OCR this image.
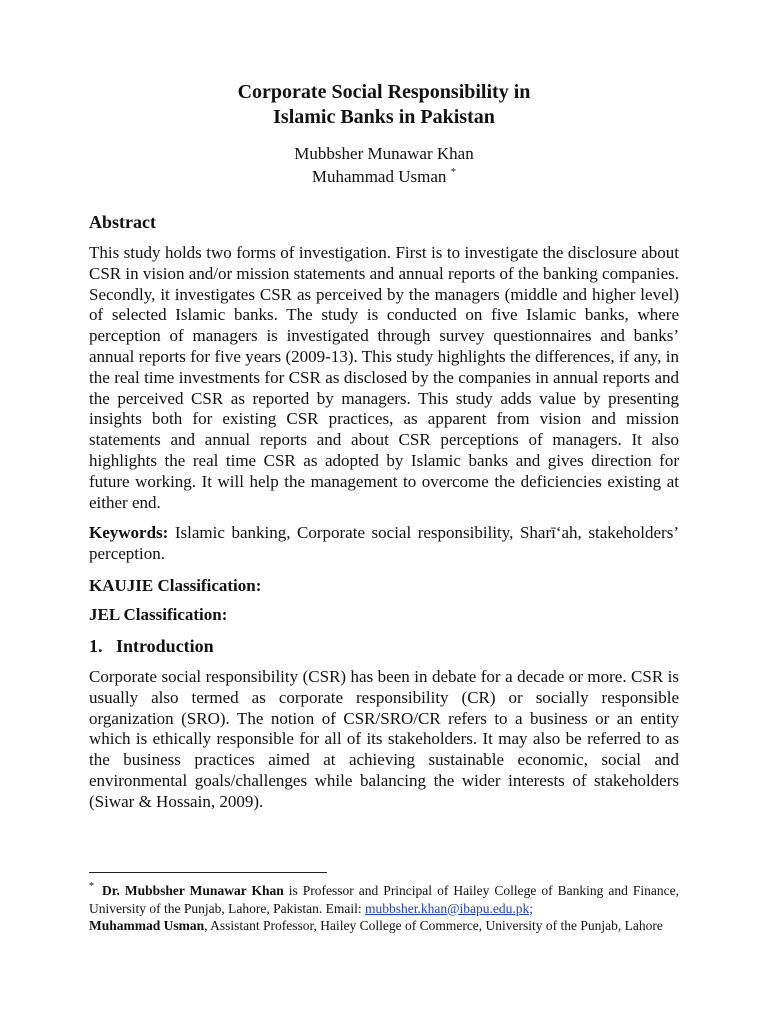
Corporate Social Responsibility in
Islamic Banks in Pakistan
Mubbsher Munawar Khan
Muhammad Usman *
Abstract

This study holds two forms of investigation. First is to investigate the disclosure about CSR in vision and/or mission statements and annual reports of the banking companies. Secondly, it investigates CSR as perceived by the managers (middle and higher level) of selected Islamic banks. The study is conducted on five Islamic banks, where perception of managers is investigated through survey questionnaires and banks’ annual reports for five years (2009-13). This study highlights the differences, if any, in the real time investments for CSR as disclosed by the companies in annual reports and the perceived CSR as reported by managers. This study adds value by presenting insights both for existing CSR practices, as apparent from vision and mission statements and annual reports and about CSR perceptions of managers. It also highlights the real time CSR as adopted by Islamic banks and gives direction for future working. It will help the management to overcome the deficiencies existing at either end.

Keywords: Islamic banking, Corporate social responsibility, Sharī‘ah, stakeholders’ perception.

KAUJIE Classification:

JEL Classification:

1. Introduction

Corporate social responsibility (CSR) has been in debate for a decade or more. CSR is usually also termed as corporate responsibility (CR) or socially responsible organization (SRO). The notion of CSR/SRO/CR refers to a business or an entity which is ethically responsible for all of its stakeholders. It may also be referred to as the business practices aimed at achieving sustainable economic, social and environmental goals/challenges while balancing the wider interests of stakeholders (Siwar & Hossain, 2009).

* Dr. Mubbsher Munawar Khan is Professor and Principal of Hailey College of Banking and Finance, University of the Punjab, Lahore, Pakistan. Email: mubbsher.khan@ibapu.edu.pk;
Muhammad Usman, Assistant Professor, Hailey College of Commerce, University of the Punjab, Lahore
